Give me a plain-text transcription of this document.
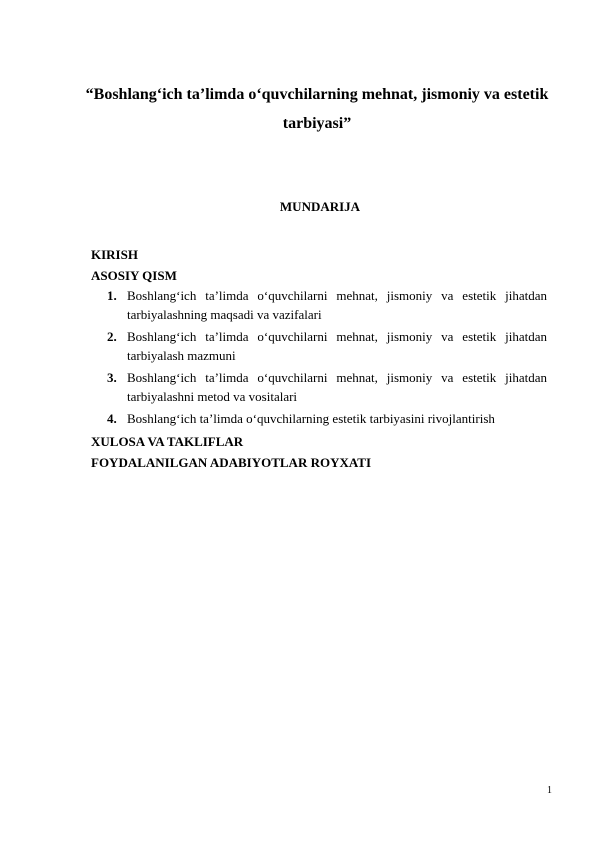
“Boshlang‘ich ta’limda o‘quvchilarning mehnat, jismoniy va estetik tarbiyasi”
MUNDARIJA
KIRISH
ASOSIY QISM
1. Boshlang‘ich ta’limda o‘quvchilarni mehnat, jismoniy va estetik jihatdan tarbiyalashning maqsadi va vazifalari
2. Boshlang‘ich ta’limda o‘quvchilarni mehnat, jismoniy va estetik jihatdan tarbiyalash mazmuni
3. Boshlang‘ich ta’limda o‘quvchilarni mehnat, jismoniy va estetik jihatdan tarbiyalashni metod va vositalari
4. Boshlang‘ich ta’limda o‘quvchilarning estetik tarbiyasini rivojlantirish
XULOSA VA TAKLIFLAR
FOYDALANILGAN ADABIYOTLAR ROYXATI
1
